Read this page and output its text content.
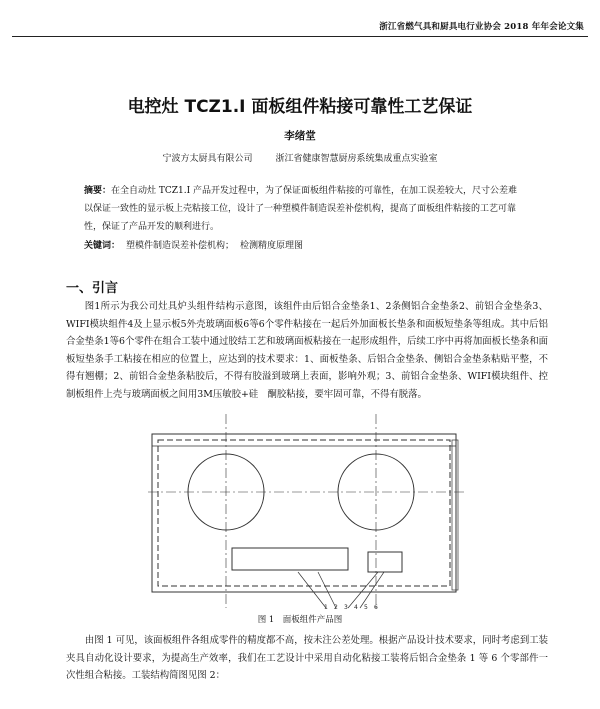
浙江省燃气具和厨具电行业协会 2018 年年会论文集
电控灶 TCZ1.I 面板组件粘接可靠性工艺保证
李绪堂
宁波方太厨具有限公司	浙江省健康智慧厨房系统集成重点实验室
摘要：在全自动灶 TCZ1.I 产品开发过程中，为了保证面板组件粘接的可靠性，在加工误差较大，尺寸公差难以保证一致性的显示板上壳粘接工位，设计了一种塑模件制造误差补偿机构，提高了面板组件粘接的工艺可靠性，保证了产品开发的顺利进行。
关键词： 塑模件制造误差补偿机构； 检测精度原理图
一、引言
图1所示为我公司灶具炉头组件结构示意图，该组件由后铝合金垫条1、2条侧铝合金垫条2、前铝合金垫条3、WIFI模块组件4及上显示板5外壳玻璃面板6等6个零件粘接在一起后外加面板长垫条和面板短垫条等组成。其中后铝合金垫条1等6个零件在组合工装中通过胶结工艺和玻璃面板粘接在一起形成组件，后续工序中再将加面板长垫条和面板短垫条手工粘接在相应的位置上，应达到的技术要求：1、面板垫条、后铝合金垫条、侧铝合金垫条粘贴平整，不得有翘棚；2、前铝合金垫条粘胶后，不得有胶溢到玻璃上表面，影响外观；3、前铝合金垫条、WIFI模块组件、控制板组件上壳与玻璃面板之间用3M压敏胶+硅　酮胶粘接，要牢固可靠，不得有脱落。
1 2 3 4 5 6
图 1　面板组件产品图
由图 1 可见，该面板组件各组成零件的精度都不高，按未注公差处理。根据产品设计技术要求，同时考虑到工装夹具自动化设计要求，为提高生产效率，我们在工艺设计中采用自动化粘接工装将后铝合金垫条 1 等 6 个零部件一次性组合粘接。工装结构简图见图 2：
